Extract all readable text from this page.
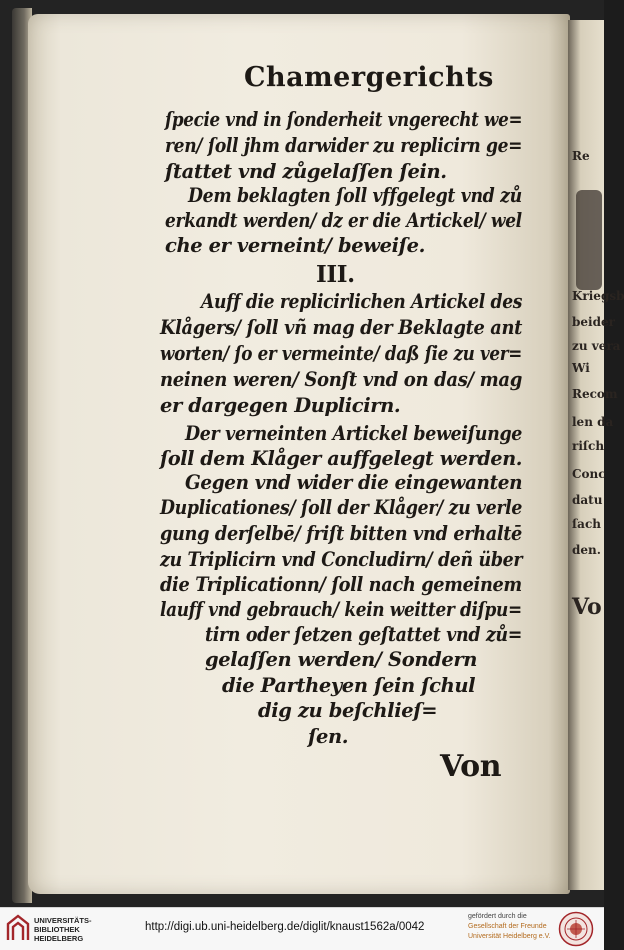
Re
Kriegsb
beider
zu vera
Wi
Recom
len da
riſch
Conc
datu
ſach
den.
Vo
Chamergerichts
ſpecie vnd in ſonderheit vngerecht we=
ren/ ſoll jhm darwider zu replicirn ge=
ſtattet vnd zůgelaſſen ſein.
Dem beklagten ſoll vffgelegt vnd zů
erkandt werden/ dz er die Artickel/ wel
che er verneint/ beweiſe.
III.
Auff die replicirlichen Artickel des
Klågers/ ſoll vñ mag der Beklagte ant
worten/ ſo er vermeinte/ daß ſie zu ver=
neinen weren/ Sonſt vnd on das/ mag
er dargegen Duplicirn.
Der verneinten Artickel beweiſunge
ſoll dem Klåger auffgelegt werden.
Gegen vnd wider die eingewanten
Duplicationes/ ſoll der Klåger/ zu verle
gung derſelbē/ friſt bitten vnd erhaltē
zu Triplicirn vnd Concludirn/ deñ über
die Triplicationn/ ſoll nach gemeinem
lauff vnd gebrauch/ kein weitter diſpu=
tirn oder ſetzen geſtattet vnd zů=
gelaſſen werden/ Sondern
die Partheyen ſein ſchul
dig zu beſchlieſ=
ſen.
Von
UNIVERSITÄTS-
BIBLIOTHEK
HEIDELBERG
http://digi.ub.uni-heidelberg.de/diglit/knaust1562a/0042
gefördert durch die
Gesellschaft der Freunde
Universität Heidelberg e.V.
